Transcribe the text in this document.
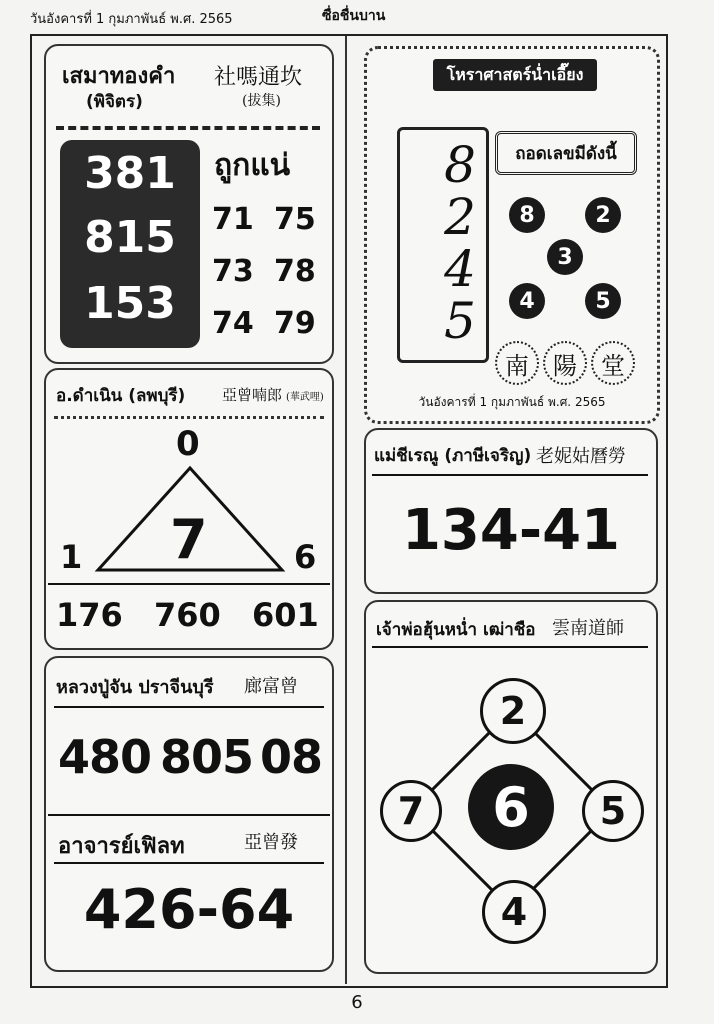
วันอังคารที่ 1 กุมภาพันธ์ พ.ศ. 2565	ซื่อชื่นบาน
เสมาทองคำ
(พิจิตร)
社嗎通坎
(拔集)
381
815
153
ถูกแน่
71 75
73 78
74 79
อ.ดำเนิน (ลพบุรี) 亞曾喃郎 (華武哩)
0
7
1	6
176 760 601
หลวงปู่จัน ปราจีนบุรี 廊富曾
480 805 08
อาจารย์เฟิลท	亞曾發
426-64
โหราศาสตร์น่ำเอี๊ยง
8245	ถอดเลขมีดังนี้
8	2
3
4	5
南	陽	堂
วันอังคารที่ 1 กุมภาพันธ์ พ.ศ. 2565
แม่ชีเรณู (ภาษีเจริญ) 老妮姑曆勞
134-41
เจ้าพ่อฮุ้นหน่ำ เฒ่าชือ 雲南道師
2
7	6	5
4
6
